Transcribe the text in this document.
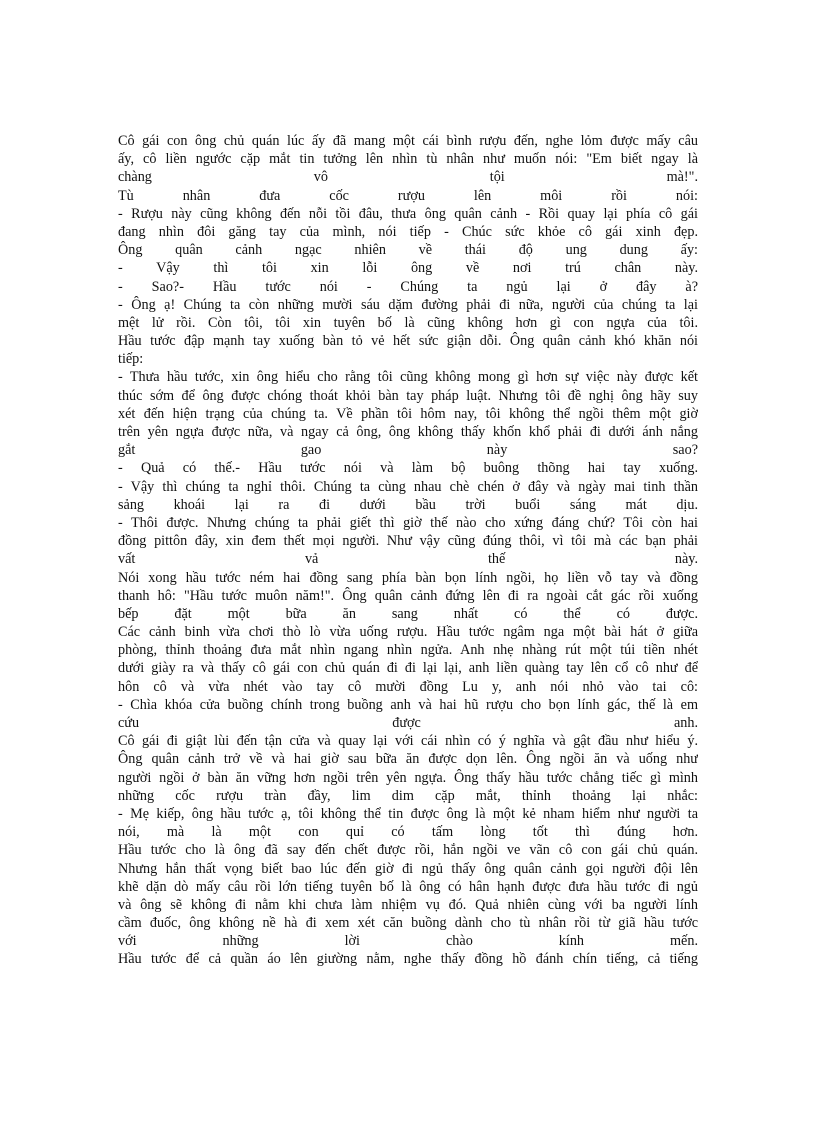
Cô gái con ông chủ quán lúc ấy đã mang một cái bình rượu đến, nghe lỏm được mấy câu
ấy, cô liền ngước cặp mắt tin tưởng lên nhìn tù nhân như muốn nói: "Em biết ngay là
chàng vô tội mà!".
Tù nhân đưa cốc rượu lên môi rồi nói:
- Rượu này cũng không đến nỗi tồi đâu, thưa ông quân cảnh - Rồi quay lại phía cô gái
đang nhìn đôi găng tay của mình, nói tiếp - Chúc sức khỏe cô gái xinh đẹp.
Ông quân cảnh ngạc nhiên về thái độ ung dung ấy:
- Vậy thì tôi xin lỗi ông về nơi trú chân này.
- Sao?- Hầu tước nói - Chúng ta ngủ lại ở đây à?
- Ông ạ! Chúng ta còn những mười sáu dặm đường phải đi nữa, người của chúng ta lại
mệt lử rồi. Còn tôi, tôi xin tuyên bố là cũng không hơn gì con ngựa của tôi.
Hầu tước đập mạnh tay xuống bàn tỏ vẻ hết sức giận dỗi. Ông quân cảnh khó khăn nói
tiếp:
- Thưa hầu tước, xin ông hiểu cho rằng tôi cũng không mong gì hơn sự việc này được kết
thúc sớm để ông được chóng thoát khỏi bàn tay pháp luật. Nhưng tôi đề nghị ông hãy suy
xét đến hiện trạng của chúng ta. Về phần tôi hôm nay, tôi không thể ngồi thêm một giờ
trên yên ngựa được nữa, và ngay cả ông, ông không thấy khốn khổ phải đi dưới ánh nắng
gắt gao này sao?
- Quả có thế.- Hầu tước nói và làm bộ buông thõng hai tay xuống.
- Vậy thì chúng ta nghỉ thôi. Chúng ta cùng nhau chè chén ở đây và ngày mai tinh thần
sảng khoái lại ra đi dưới bầu trời buổi sáng mát dịu.
- Thôi được. Nhưng chúng ta phải giết thì giờ thế nào cho xứng đáng chứ? Tôi còn hai
đồng pittôn đây, xin đem thết mọi người. Như vậy cũng đúng thôi, vì tôi mà các bạn phải
vất vả thế này.
Nói xong hầu tước ném hai đồng sang phía bàn bọn lính ngồi, họ liền vỗ tay và đồng
thanh hô: "Hầu tước muôn năm!". Ông quân cảnh đứng lên đi ra ngoài cắt gác rồi xuống
bếp đặt một bữa ăn sang nhất có thể có được.
Các cảnh binh vừa chơi thò lò vừa uống rượu. Hầu tước ngâm nga một bài hát ở giữa
phòng, thỉnh thoảng đưa mắt nhìn ngang nhìn ngửa. Anh nhẹ nhàng rút một túi tiền nhét
dưới giày ra và thấy cô gái con chủ quán đi đi lại lại, anh liền quàng tay lên cổ cô như để
hôn cô và vừa nhét vào tay cô mười đồng Lu y, anh nói nhỏ vào tai cô:
- Chìa khóa cửa buồng chính trong buồng anh và hai hũ rượu cho bọn lính gác, thế là em
cứu được anh.
Cô gái đi giật lùi đến tận cửa và quay lại với cái nhìn có ý nghĩa và gật đầu như hiểu ý.
Ông quân cảnh trở về và hai giờ sau bữa ăn được dọn lên. Ông ngồi ăn và uống như
người ngồi ở bàn ăn vững hơn ngồi trên yên ngựa. Ông thấy hầu tước chẳng tiếc gì mình
những cốc rượu tràn đầy, lim dim cặp mắt, thỉnh thoảng lại nhắc:
- Mẹ kiếp, ông hầu tước ạ, tôi không thể tin được ông là một kẻ nham hiểm như người ta
nói, mà là một con quỉ có tấm lòng tốt thì đúng hơn.
Hầu tước cho là ông đã say đến chết được rồi, hắn ngồi ve vãn cô con gái chủ quán.
Nhưng hắn thất vọng biết bao lúc đến giờ đi ngủ thấy ông quân cảnh gọi người đội lên
khẽ dặn dò mấy câu rồi lớn tiếng tuyên bố là ông có hân hạnh được đưa hầu tước đi ngủ
và ông sẽ không đi nằm khi chưa làm nhiệm vụ đó. Quả nhiên cùng với ba người lính
cầm đuốc, ông không nề hà đi xem xét căn buồng dành cho tù nhân rồi từ giã hầu tước
với những lời chào kính mến.
Hầu tước để cả quần áo lên giường nằm, nghe thấy đồng hồ đánh chín tiếng, cả tiếng
